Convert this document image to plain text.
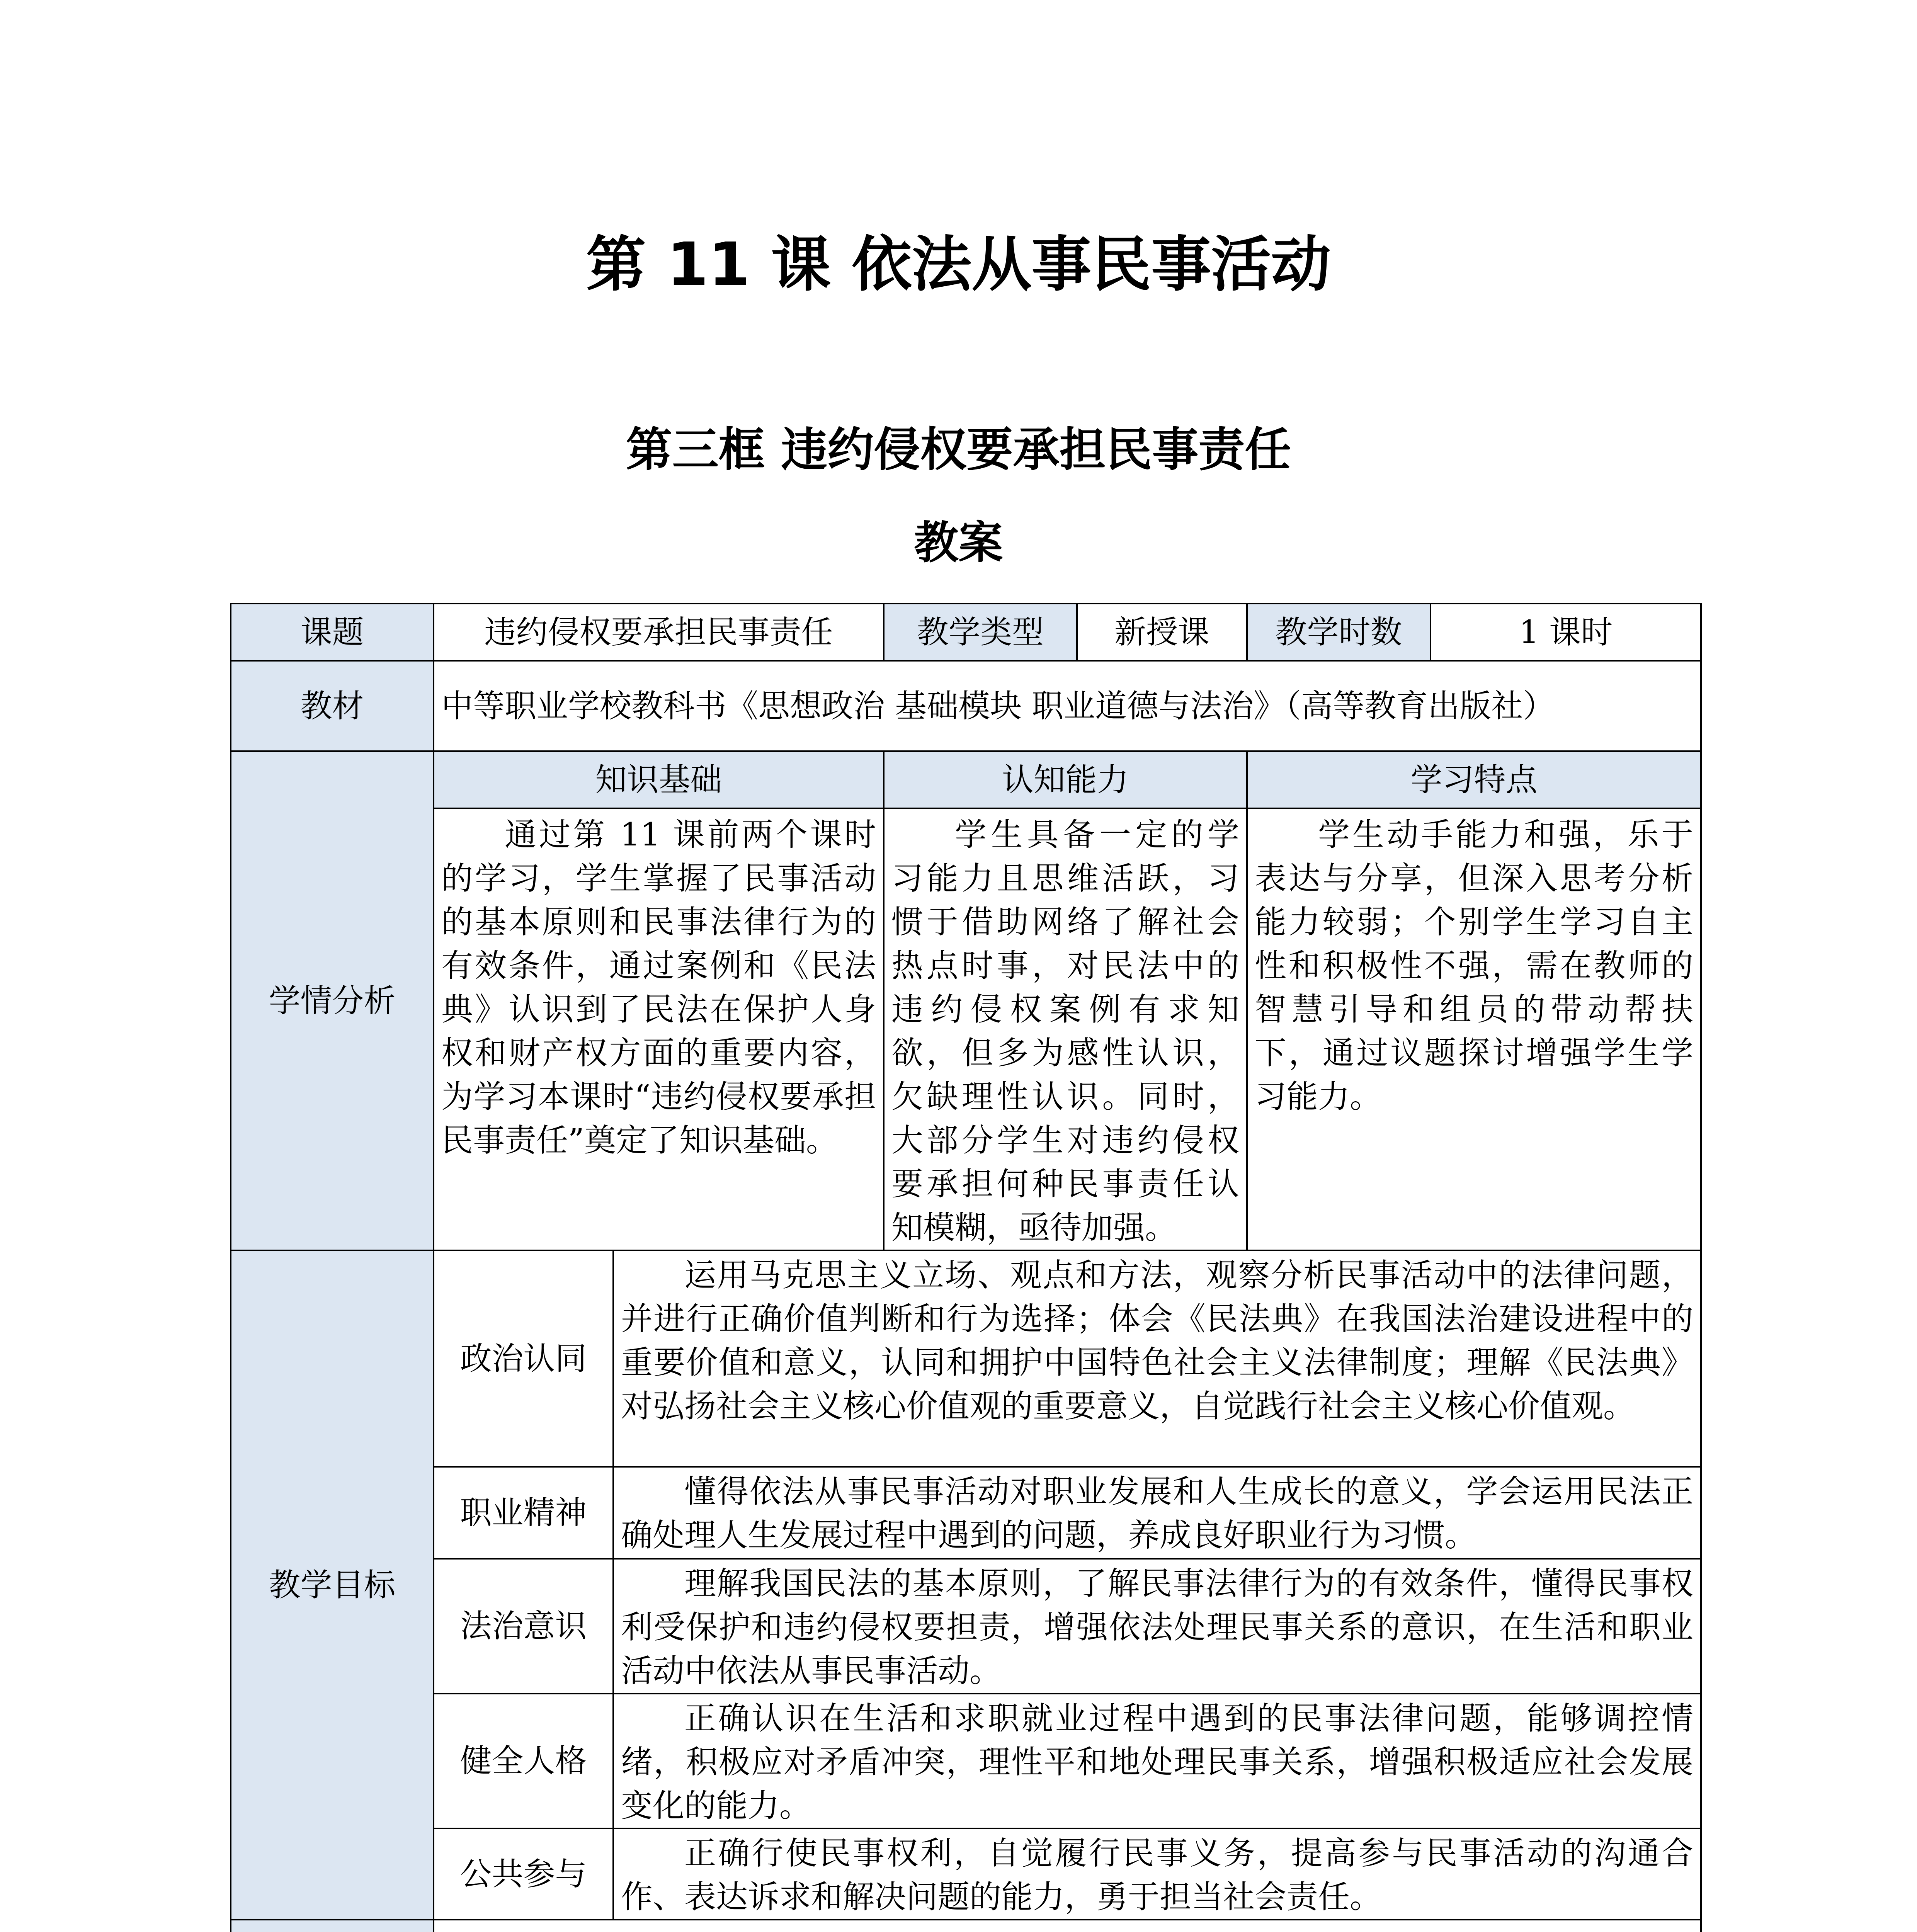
第 11 课 依法从事民事活动
第三框 违约侵权要承担民事责任
教案
课题	违约侵权要承担民事责任		教学类型	新授课	教学时数	1 课时
教材	中等职业学校教科书《思想政治 基础模块 职业道德与法治》（高等教育出版社）					
学情分析	知识基础		认知能力		学习特点	
	通过第 11 课前两个课时的学习，学生掌握了民事活动的基本原则和民事法律行为的有效条件，通过案例和《民法典》认识到了民法在保护人身权和财产权方面的重要内容，为学习本课时“违约侵权要承担民事责任”奠定了知识基础。		学生具备一定的学习能力且思维活跃，习惯于借助网络了解社会热点时事，对民法中的违约侵权案例有求知欲，但多为感性认识，欠缺理性认识。同时，大部分学生对违约侵权要承担何种民事责任认知模糊，亟待加强。		学生动手能力和强，乐于表达与分享，但深入思考分析能力较弱；个别学生学习自主性和积极性不强，需在教师的智慧引导和组员的带动帮扶下，通过议题探讨增强学生学习能力。	
教学目标	政治认同	运用马克思主义立场、观点和方法，观察分析民事活动中的法律问题，并进行正确价值判断和行为选择；体会《民法典》在我国法治建设进程中的重要价值和意义，认同和拥护中国特色社会主义法律制度；理解《民法典》对弘扬社会主义核心价值观的重要意义，自觉践行社会主义核心价值观。				
	职业精神	懂得依法从事民事活动对职业发展和人生成长的意义，学会运用民法正确处理人生发展过程中遇到的问题，养成良好职业行为习惯。				
	法治意识	理解我国民法的基本原则，了解民事法律行为的有效条件，懂得民事权利受保护和违约侵权要担责，增强依法处理民事关系的意识，在生活和职业活动中依法从事民事活动。				
	健全人格	正确认识在生活和求职就业过程中遇到的民事法律问题，能够调控情绪，积极应对矛盾冲突，理性平和地处理民事关系，增强积极适应社会发展变化的能力。				
	公共参与	正确行使民事权利，自觉履行民事义务，提高参与民事活动的沟通合作、表达诉求和解决问题的能力，勇于担当社会责任。				
